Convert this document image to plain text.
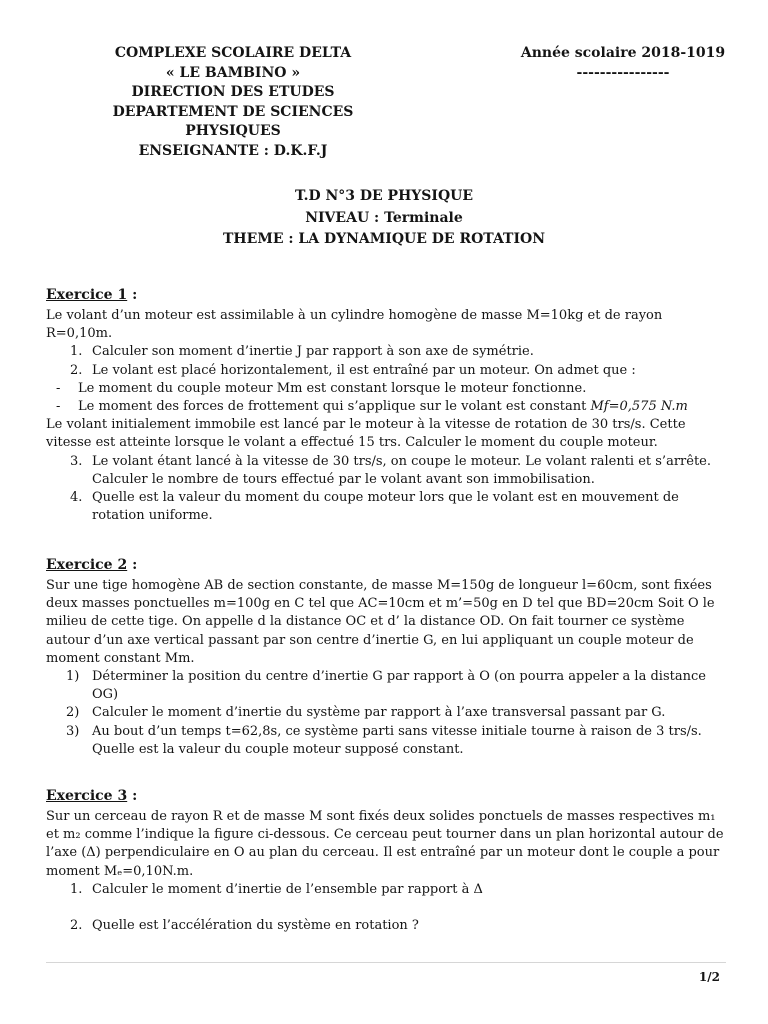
COMPLEXE SCOLAIRE DELTA
« LE BAMBINO »
DIRECTION DES ETUDES
DEPARTEMENT DE SCIENCES
PHYSIQUES
ENSEIGNANTE : D.K.F.J
Année scolaire 2018-1019
----------------
T.D N°3 DE PHYSIQUE
NIVEAU : Terminale
THEME : LA DYNAMIQUE DE ROTATION
Exercice 1 :

Le volant d’un moteur est assimilable à un cylindre homogène de masse M=10kg et de rayon R=0,10m.

1. Calculer son moment d’inertie J par rapport à son axe de symétrie.
2. Le volant est placé horizontalement, il est entraîné par un moteur. On admet que :
- Le moment du couple moteur Mm est constant lorsque le moteur fonctionne.
- Le moment des forces de frottement qui s’applique sur le volant est constant Mf=0,575 N.m

Le volant initialement immobile est lancé par le moteur à la vitesse de rotation de 30 trs/s. Cette vitesse est atteinte lorsque le volant a effectué 15 trs. Calculer le moment du couple moteur.

3. Le volant étant lancé à la vitesse de 30 trs/s, on coupe le moteur. Le volant ralenti et s’arrête. Calculer le nombre de tours effectué par le volant avant son immobilisation.
4. Quelle est la valeur du moment du coupe moteur lors que le volant est en mouvement de rotation uniforme.
Exercice 2 :

Sur une tige homogène AB de section constante, de masse M=150g de longueur l=60cm, sont fixées deux masses ponctuelles m=100g en C tel que AC=10cm et m’=50g en D tel que BD=20cm Soit O le milieu de cette tige. On appelle d la distance OC et d’ la distance OD. On fait tourner ce système autour d’un axe vertical passant par son centre d’inertie G, en lui appliquant un couple moteur de moment constant Mm.

1) Déterminer la position du centre d’inertie G par rapport à O (on pourra appeler a la distance OG)
2) Calculer le moment d’inertie du système par rapport à l’axe transversal passant par G.
3) Au bout d’un temps t=62,8s, ce système parti sans vitesse initiale tourne à raison de 3 trs/s. Quelle est la valeur du couple moteur supposé constant.
Exercice 3 :

Sur un cerceau de rayon R et de masse M sont fixés deux solides ponctuels de masses respectives m₁ et m₂ comme l’indique la figure ci-dessous. Ce cerceau peut tourner dans un plan horizontal autour de l’axe (Δ) perpendiculaire en O au plan du cerceau. Il est entraîné par un moteur dont le couple a pour moment Mₑ=0,10N.m.

1. Calculer le moment d’inertie de l’ensemble par rapport à Δ
2. Quelle est l’accélération du système en rotation ?
1/2
